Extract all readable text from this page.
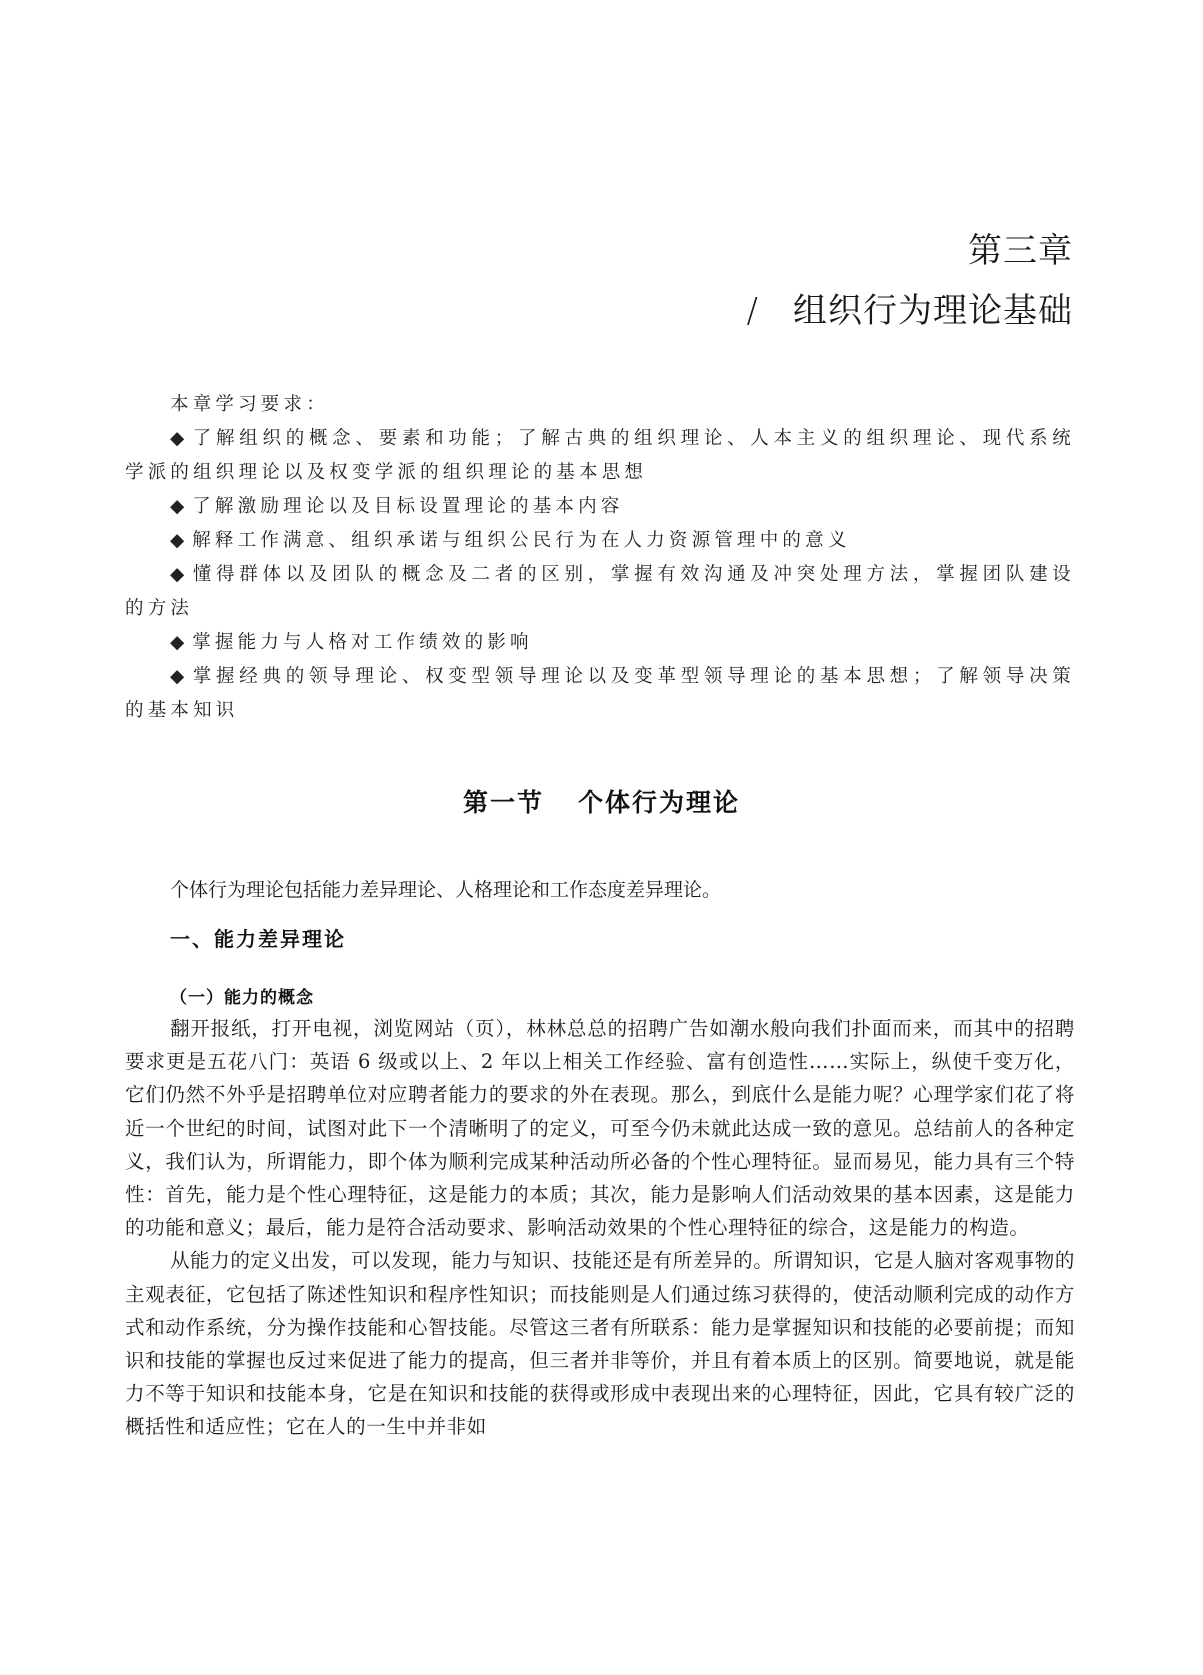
第三章
/ 组织行为理论基础
本章学习要求：
◆了解组织的概念、要素和功能；了解古典的组织理论、人本主义的组织理论、现代系统学派的组织理论以及权变学派的组织理论的基本思想
◆了解激励理论以及目标设置理论的基本内容
◆解释工作满意、组织承诺与组织公民行为在人力资源管理中的意义
◆懂得群体以及团队的概念及二者的区别，掌握有效沟通及冲突处理方法，掌握团队建设的方法
◆掌握能力与人格对工作绩效的影响
◆掌握经典的领导理论、权变型领导理论以及变革型领导理论的基本思想；了解领导决策的基本知识
第一节 个体行为理论
个体行为理论包括能力差异理论、人格理论和工作态度差异理论。
一、能力差异理论
（一）能力的概念

翻开报纸，打开电视，浏览网站（页），林林总总的招聘广告如潮水般向我们扑面而来，而其中的招聘要求更是五花八门：英语 6 级或以上、2 年以上相关工作经验、富有创造性……实际上，纵使千变万化，它们仍然不外乎是招聘单位对应聘者能力的要求的外在表现。那么，到底什么是能力呢？心理学家们花了将近一个世纪的时间，试图对此下一个清晰明了的定义，可至今仍未就此达成一致的意见。总结前人的各种定义，我们认为，所谓能力，即个体为顺利完成某种活动所必备的个性心理特征。显而易见，能力具有三个特性：首先，能力是个性心理特征，这是能力的本质；其次，能力是影响人们活动效果的基本因素，这是能力的功能和意义；最后，能力是符合活动要求、影响活动效果的个性心理特征的综合，这是能力的构造。

从能力的定义出发，可以发现，能力与知识、技能还是有所差异的。所谓知识，它是人脑对客观事物的主观表征，它包括了陈述性知识和程序性知识；而技能则是人们通过练习获得的，使活动顺利完成的动作方式和动作系统，分为操作技能和心智技能。尽管这三者有所联系：能力是掌握知识和技能的必要前提；而知识和技能的掌握也反过来促进了能力的提高，但三者并非等价，并且有着本质上的区别。简要地说，就是能力不等于知识和技能本身，它是在知识和技能的获得或形成中表现出来的心理特征，因此，它具有较广泛的概括性和适应性；它在人的一生中并非如
